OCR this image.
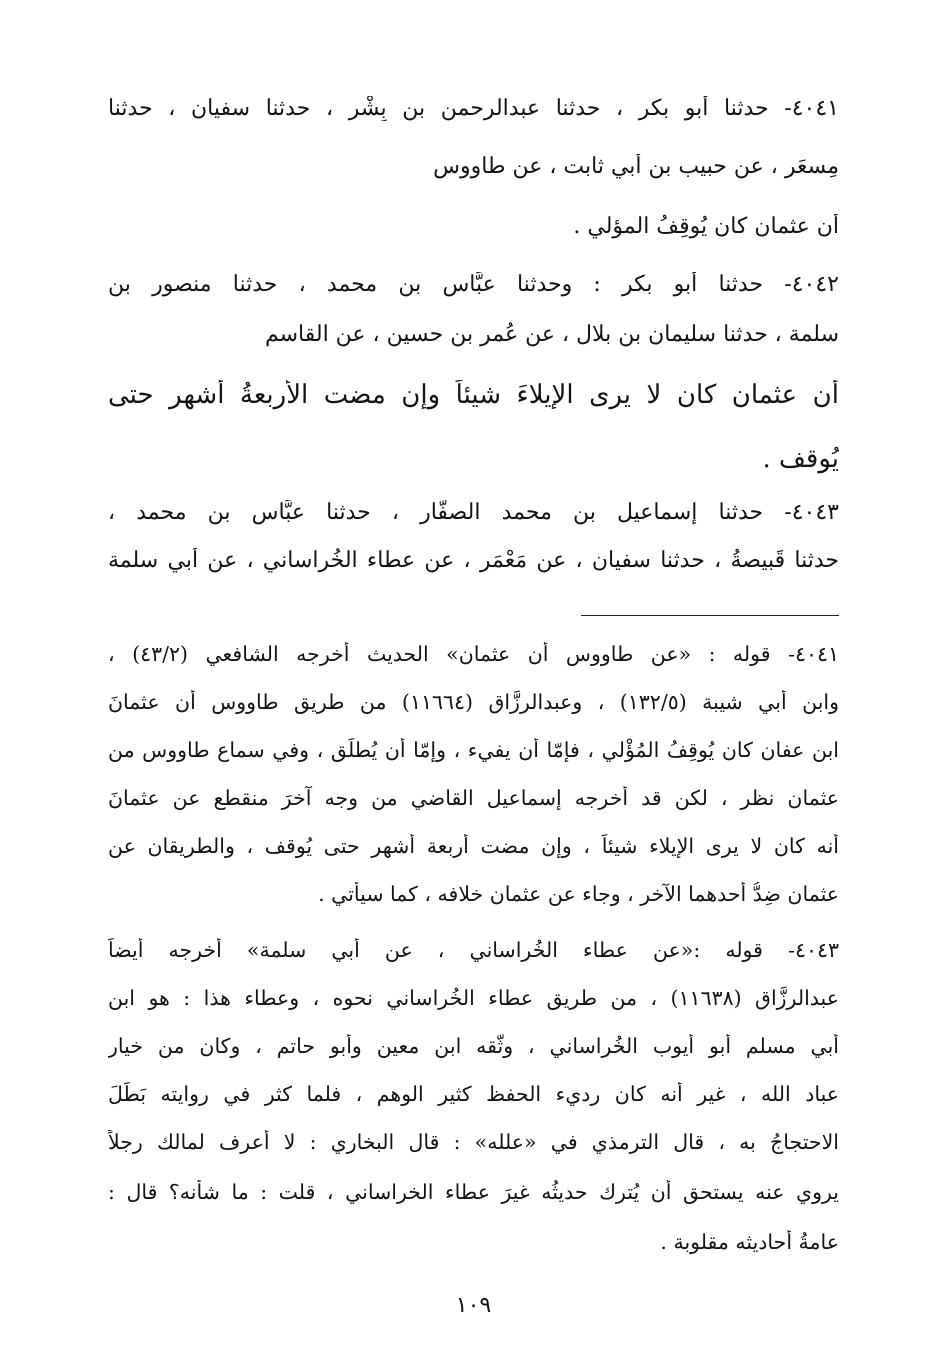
٤٠٤١- حدثنا أبو بكر ، حدثنا عبدالرحمن بن بِشْر ، حدثنا سفيان ، حدثنا
مِسعَر ، عن حبيب بن أبي ثابت ، عن طاووس
أن عثمان كان يُوقِفُ المؤلي .
٤٠٤٢- حدثنا أبو بكر : وحدثنا عبَّاس بن محمد ، حدثنا منصور بن
سلمة ، حدثنا سليمان بن بلال ، عن عُمر بن حسين ، عن القاسم
أن عثمان كان لا يرى الإيلاءَ شيئاً وإن مضت الأربعةُ أشهر حتى
يُوقف .
٤٠٤٣- حدثنا إسماعيل بن محمد الصفَّار ، حدثنا عبَّاس بن محمد ،
حدثنا قَبيصةُ ، حدثنا سفيان ، عن مَعْمَر ، عن عطاء الخُراساني ، عن أبي سلمة
٤٠٤١- قوله : «عن طاووس أن عثمان» الحديث أخرجه الشافعي (٤٣/٢) ،
وابن أبي شيبة (١٣٢/٥) ، وعبدالرزَّاق (١١٦٦٤) من طريق طاووس أن عثمانَ
ابن عفان كان يُوقِفُ المُؤْلي ، فإمّا أن يفيء ، وإمّا أن يُطلِّق ، وفي سماع طاووس من
عثمان نظر ، لكن قد أخرجه إسماعيل القاضي من وجه آخرَ منقطع عن عثمانَ
أنه كان لا يرى الإيلاء شيئاً ، وإن مضت أربعة أشهر حتى يُوقف ، والطريقان عن
عثمان ضِدُّ أحدهما الآخر ، وجاء عن عثمان خلافه ، كما سيأتي .
٤٠٤٣- قوله :«عن عطاء الخُراساني ، عن أبي سلمة» أخرجه أيضاً
عبدالرزَّاق (١١٦٣٨) ، من طريق عطاء الخُراساني نحوه ، وعطاء هذا : هو ابن
أبي مسلم أبو أيوب الخُراساني ، وثَّقه ابن معين وأبو حاتم ، وكان من خيار
عباد الله ، غير أنه كان رديء الحفظ كثير الوهم ، فلما كثر في روايته بَطَلَ
الاحتجاجُ به ، قال الترمذي في «علله» : قال البخاري : لا أعرف لمالك رجلاً
يروي عنه يستحق أن يُترك حديثُه غيرَ عطاء الخراساني ، قلت : ما شأنه؟ قال :
عامةُ أحاديثه مقلوبة .
١٠٩
